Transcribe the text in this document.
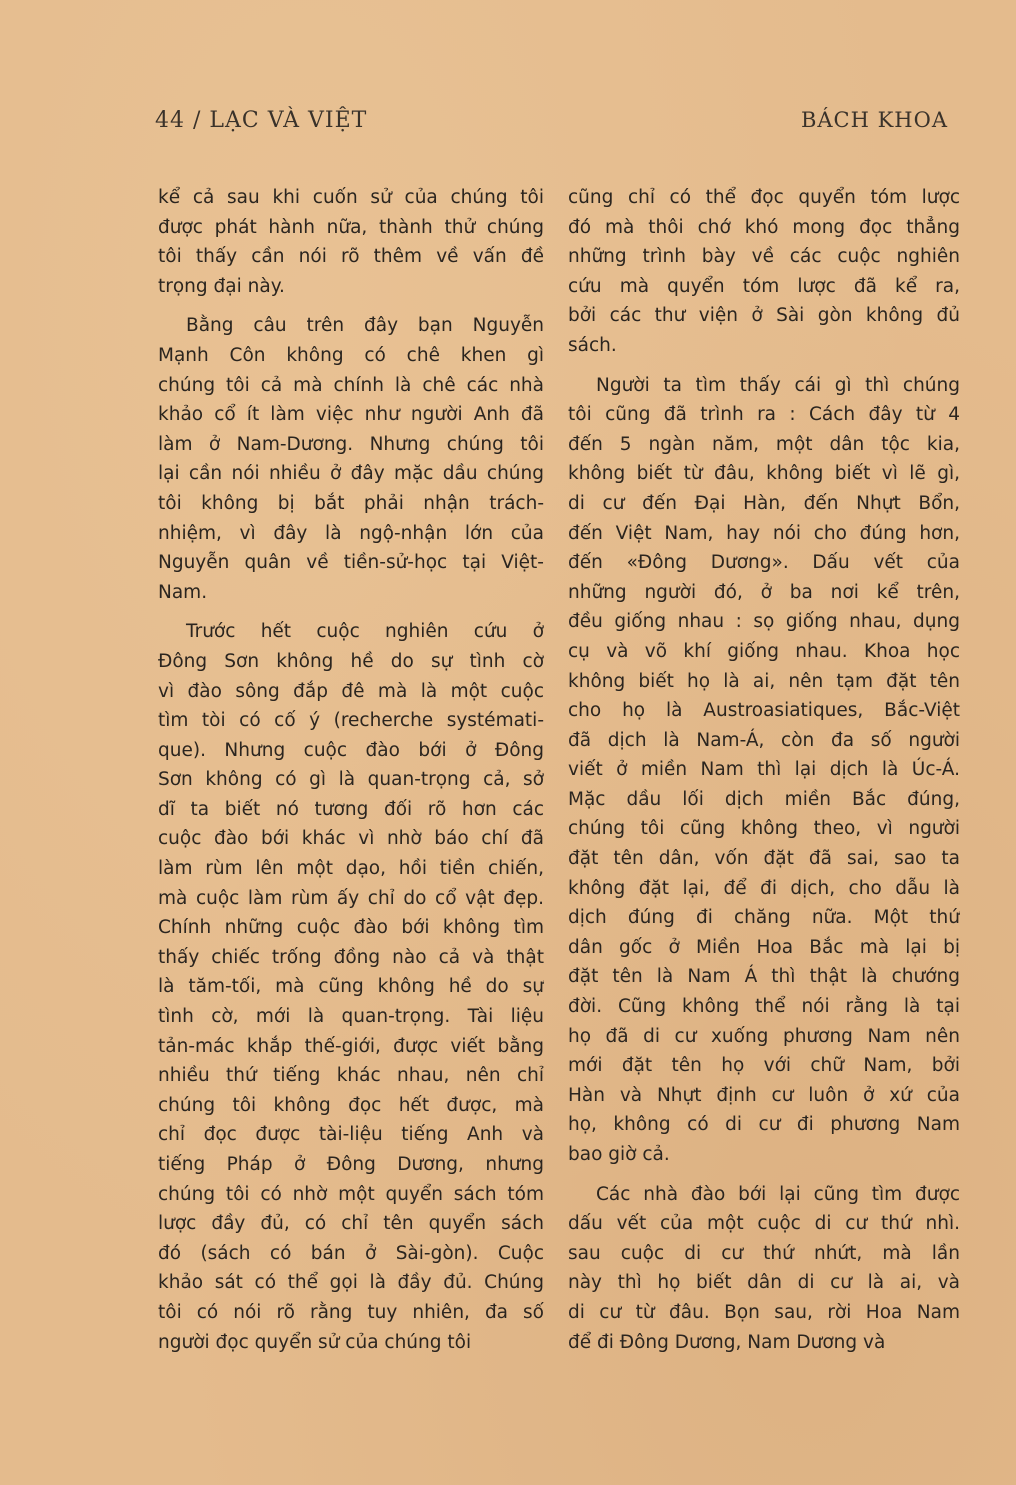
44 / LẠC VÀ VIỆT	BÁCH KHOA
kể cả sau khi cuốn sử của chúng tôi
được phát hành nữa, thành thử chúng
tôi thấy cần nói rõ thêm về vấn đề
trọng đại này.
Bằng câu trên đây bạn Nguyễn
Mạnh Côn không có chê khen gì
chúng tôi cả mà chính là chê các nhà
khảo cổ ít làm việc như người Anh đã
làm ở Nam-Dương. Nhưng chúng tôi
lại cần nói nhiều ở đây mặc dầu chúng
tôi không bị bắt phải nhận trách-
nhiệm, vì đây là ngộ-nhận lớn của
Nguyễn quân về tiền-sử-học tại Việt-
Nam.
Trước hết cuộc nghiên cứu ở
Đông Sơn không hề do sự tình cờ
vì đào sông đắp đê mà là một cuộc
tìm tòi có cố ý (recherche systémati-
que). Nhưng cuộc đào bới ở Đông
Sơn không có gì là quan-trọng cả, sở
dĩ ta biết nó tương đối rõ hơn các
cuộc đào bới khác vì nhờ báo chí đã
làm rùm lên một dạo, hồi tiền chiến,
mà cuộc làm rùm ấy chỉ do cổ vật đẹp.
Chính những cuộc đào bới không tìm
thấy chiếc trống đồng nào cả và thật
là tăm-tối, mà cũng không hề do sự
tình cờ, mới là quan-trọng. Tài liệu
tản-mác khắp thế-giới, được viết bằng
nhiều thứ tiếng khác nhau, nên chỉ
chúng tôi không đọc hết được, mà
chỉ đọc được tài-liệu tiếng Anh và
tiếng Pháp ở Đông Dương, nhưng
chúng tôi có nhờ một quyển sách tóm
lược đầy đủ, có chỉ tên quyển sách
đó (sách có bán ở Sài-gòn). Cuộc
khảo sát có thể gọi là đầy đủ. Chúng
tôi có nói rõ rằng tuy nhiên, đa số
người đọc quyển sử của chúng tôi
cũng chỉ có thể đọc quyển tóm lược
đó mà thôi chớ khó mong đọc thẳng
những trình bày về các cuộc nghiên
cứu mà quyển tóm lược đã kể ra,
bởi các thư viện ở Sài gòn không đủ
sách.
Người ta tìm thấy cái gì thì chúng
tôi cũng đã trình ra : Cách đây từ 4
đến 5 ngàn năm, một dân tộc kia,
không biết từ đâu, không biết vì lẽ gì,
di cư đến Đại Hàn, đến Nhựt Bổn,
đến Việt Nam, hay nói cho đúng hơn,
đến «Đông Dương». Dấu vết của
những người đó, ở ba nơi kể trên,
đều giống nhau : sọ giống nhau, dụng
cụ và võ khí giống nhau. Khoa học
không biết họ là ai, nên tạm đặt tên
cho họ là Austroasiatiques, Bắc-Việt
đã dịch là Nam-Á, còn đa số người
viết ở miền Nam thì lại dịch là Úc-Á.
Mặc dầu lối dịch miền Bắc đúng,
chúng tôi cũng không theo, vì người
đặt tên dân, vốn đặt đã sai, sao ta
không đặt lại, để đi dịch, cho dẫu là
dịch đúng đi chăng nữa. Một thứ
dân gốc ở Miền Hoa Bắc mà lại bị
đặt tên là Nam Á thì thật là chướng
đời. Cũng không thể nói rằng là tại
họ đã di cư xuống phương Nam nên
mới đặt tên họ với chữ Nam, bởi
Hàn và Nhựt định cư luôn ở xứ của
họ, không có di cư đi phương Nam
bao giờ cả.
Các nhà đào bới lại cũng tìm được
dấu vết của một cuộc di cư thứ nhì.
sau cuộc di cư thứ nhứt, mà lần
này thì họ biết dân di cư là ai, và
di cư từ đâu. Bọn sau, rời Hoa Nam
để đi Đông Dương, Nam Dương và
